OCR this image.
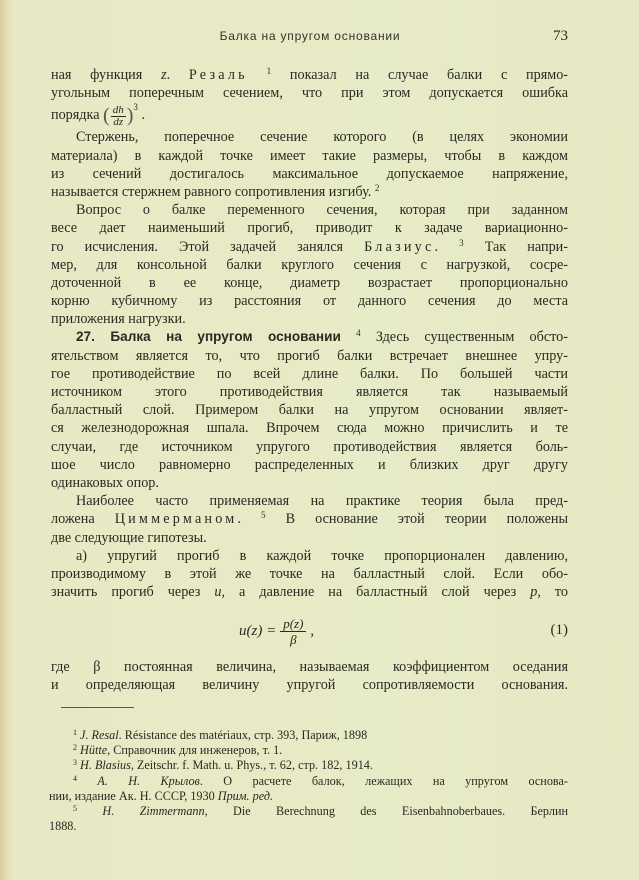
Балка на упругом основании	73
ная функция z. Резаль $^1$ показал на случае балки с прямо-
угольным поперечным сечением, что при этом допускается ошибка
порядка ( $\frac{dh}{dz} )^3$ .
Стержень, поперечное сечение которого (в целях экономии
материала) в каждой точке имеет такие размеры, чтобы в каждом
из сечений достигалось максимальное допускаемое напряжение,
называется стержнем равного сопротивления изгибу. $^2$
Вопрос о балке переменного сечения, которая при заданном
весе дает наименьший прогиб, приводит к задаче вариационно-
го исчисления. Этой задачей занялся Блазиус. $^3$ Так напри-
мер, для консольной балки круглого сечения с нагрузкой, сосре-
доточенной в ее конце, диаметр возрастает пропорционально
корню кубичному из расстояния от данного сечения до места
приложения нагрузки.
27. Балка на упругом основании $^4$ Здесь существенным обсто-
ятельством является то, что прогиб балки встречает внешнее упру-
гое противодействие по всей длине балки. По большей части
источником этого противодействия является так называемый
балластный слой. Примером балки на упругом основании являет-
ся железнодорожная шпала. Впрочем сюда можно причислить и те
случаи, где источником упругого противодействия является боль-
шое число равномерно распределенных и близких друг другу
одинаковых опор.
Наиболее часто применяемая на практике теория была пред-
ложена Циммерманом. $^5$ В основание этой теории положены
две следующие гипотезы.
а) упругий прогиб в каждой точке пропорционален давлению,
производимому в этой же точке на балластный слой. Если обо-
значить прогиб через u, а давление на балластный слой через p, то
$u(z) = \frac{p(z)}{\beta}$ ,	(1)
где β постоянная величина, называемая коэффициентом оседания
и определяющая величину упругой сопротивляемости основания.
$^1$ J. Resal. Résistance des matériaux, стр. 393, Париж, 1898
$^2$ Hütte, Справочник для инженеров, т. 1.
$^3$ H. Blasius, Zeitschr. f. Math. u. Phys., т. 62, стр. 182, 1914.
$^4$ А. Н. Крылов. О расчете балок, лежащих на упругом основа-
нии, издание Ак. Н. СССР, 1930 Прим. ред.
$^5$ H. Zimmermann, Die Berechnung des Eisenbahnoberbaues. Берлин
1888.
